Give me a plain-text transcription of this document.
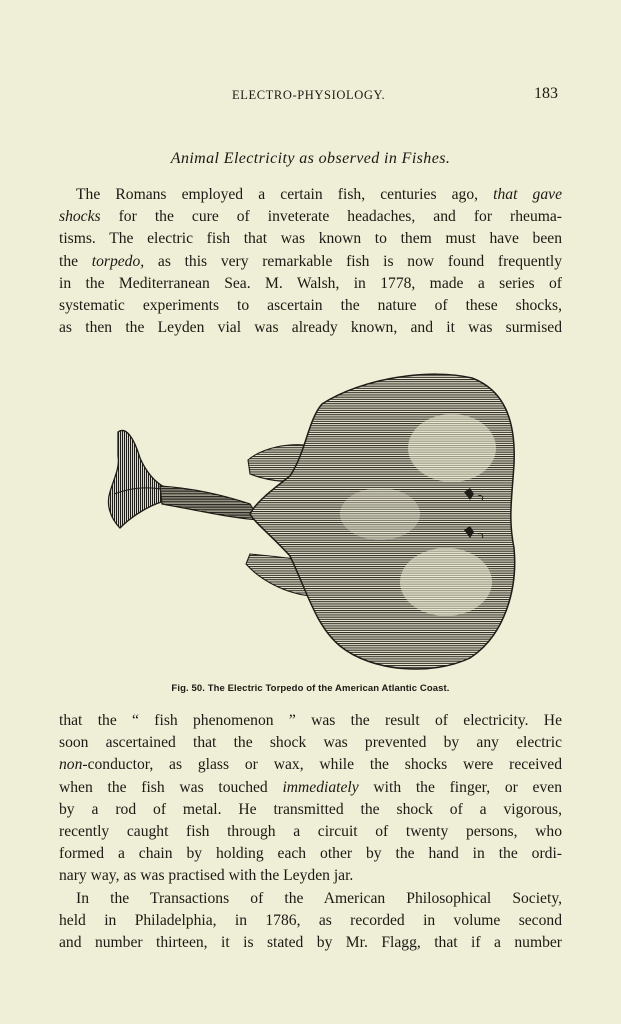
ELECTRO-PHYSIOLOGY.	183
Animal Electricity as observed in Fishes.
The Romans employed a certain fish, centuries ago, that gave
shocks for the cure of inveterate headaches, and for rheuma-
tisms. The electric fish that was known to them must have been
the torpedo, as this very remarkable fish is now found frequently
in the Mediterranean Sea. M. Walsh, in 1778, made a series of
systematic experiments to ascertain the nature of these shocks,
as then the Leyden vial was already known, and it was surmised
Fig. 50. The Electric Torpedo of the American Atlantic Coast.
that the “ fish phenomenon ” was the result of electricity. He
soon ascertained that the shock was prevented by any electric
non-conductor, as glass or wax, while the shocks were received
when the fish was touched immediately with the finger, or even
by a rod of metal. He transmitted the shock of a vigorous,
recently caught fish through a circuit of twenty persons, who
formed a chain by holding each other by the hand in the ordi-
nary way, as was practised with the Leyden jar.
In the Transactions of the American Philosophical Society,
held in Philadelphia, in 1786, as recorded in volume second
and number thirteen, it is stated by Mr. Flagg, that if a number
